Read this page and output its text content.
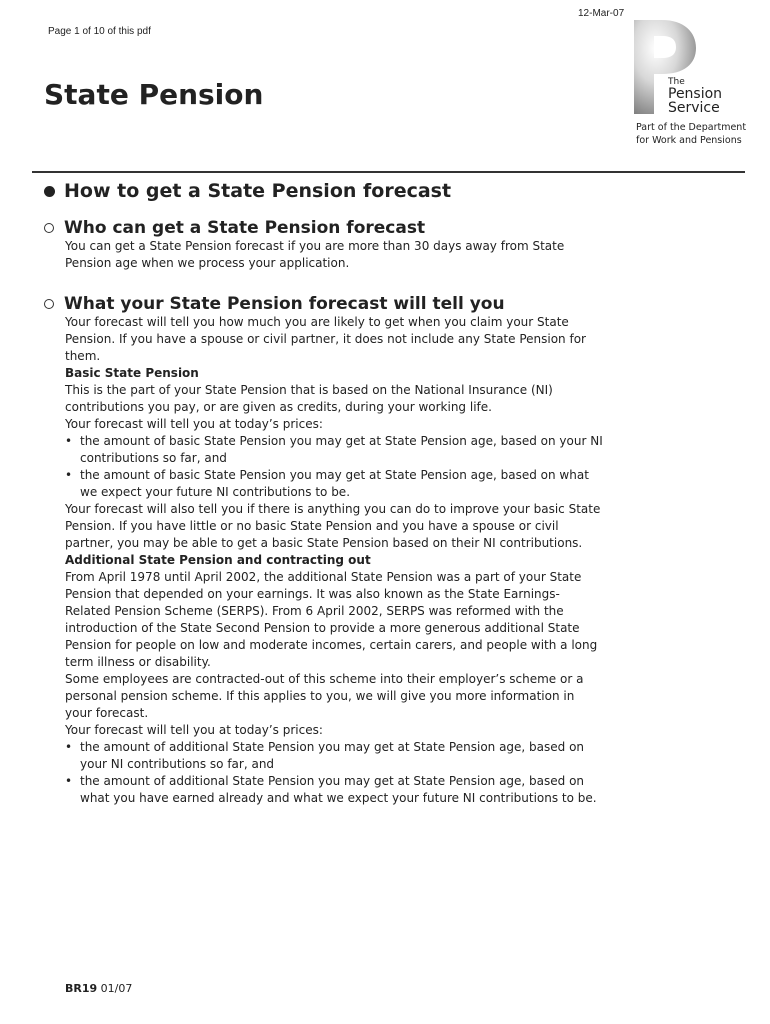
Page 1 of 10 of this pdf
12-Mar-07
State Pension	The
Pension
Service
Part of the Department
for Work and Pensions
How to get a State Pension forecast
Who can get a State Pension forecast

You can get a State Pension forecast if you are more than 30 days away from State Pension age when we process your application.

What your State Pension forecast will tell you

Your forecast will tell you how much you are likely to get when you claim your State Pension. If you have a spouse or civil partner, it does not include any State Pension for them.

Basic State Pension

This is the part of your State Pension that is based on the National Insurance (NI) contributions you pay, or are given as credits, during your working life.

Your forecast will tell you at today’s prices:

• the amount of basic State Pension you may get at State Pension age, based on your NI contributions so far, and
• the amount of basic State Pension you may get at State Pension age, based on what we expect your future NI contributions to be.

Your forecast will also tell you if there is anything you can do to improve your basic State Pension. If you have little or no basic State Pension and you have a spouse or civil partner, you may be able to get a basic State Pension based on their NI contributions.

Additional State Pension and contracting out

From April 1978 until April 2002, the additional State Pension was a part of your State Pension that depended on your earnings. It was also known as the State Earnings-Related Pension Scheme (SERPS). From 6 April 2002, SERPS was reformed with the introduction of the State Second Pension to provide a more generous additional State Pension for people on low and moderate incomes, certain carers, and people with a long term illness or disability.

Some employees are contracted-out of this scheme into their employer’s scheme or a personal pension scheme. If this applies to you, we will give you more information in your forecast.

Your forecast will tell you at today’s prices:

• the amount of additional State Pension you may get at State Pension age, based on your NI contributions so far, and
• the amount of additional State Pension you may get at State Pension age, based on what you have earned already and what we expect your future NI contributions to be.
BR19 01/07
